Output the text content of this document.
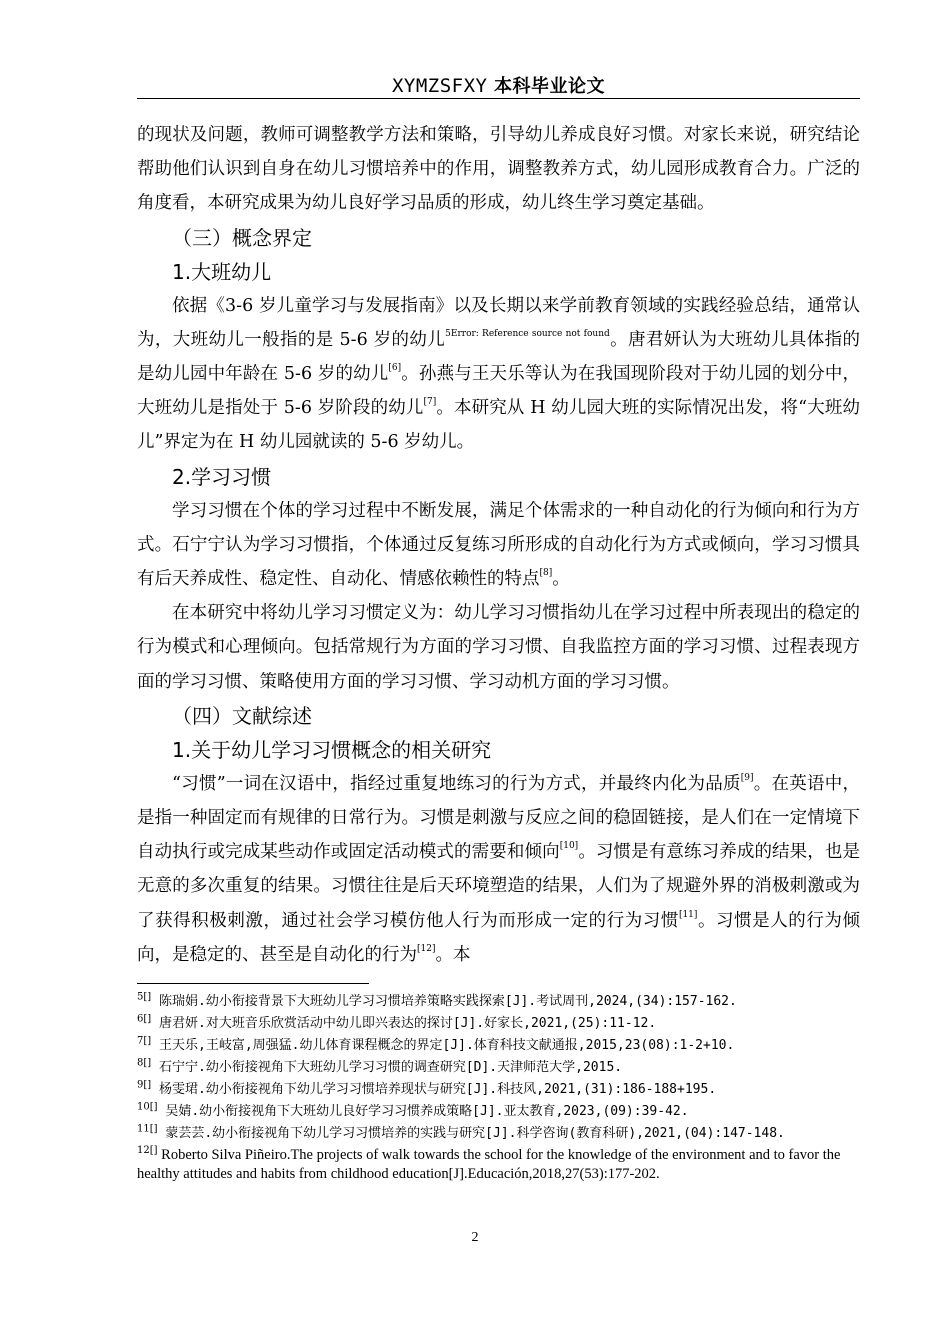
XYMZSFXY 本科毕业论文

的现状及问题，教师可调整教学方法和策略，引导幼儿养成良好习惯。对家长来说，研究结论帮助他们认识到自身在幼儿习惯培养中的作用，调整教养方式，幼儿园形成教育合力。广泛的角度看，本研究成果为幼儿良好学习品质的形成，幼儿终生学习奠定基础。

（三）概念界定
1.大班幼儿

依据《3-6 岁儿童学习与发展指南》以及长期以来学前教育领域的实践经验总结，通常认为，大班幼儿一般指的是 5-6 岁的幼儿$^{5Error: Reference source not found}$。唐君妍认为大班幼儿具体指的是幼儿园中年龄在 5-6 岁的幼儿[6]。孙燕与王天乐等认为在我国现阶段对于幼儿园的划分中，大班幼儿是指处于 5-6 岁阶段的幼儿[7]。本研究从 H 幼儿园大班的实际情况出发，将“大班幼儿”界定为在 H 幼儿园就读的 5-6 岁幼儿。

2.学习习惯

学习习惯在个体的学习过程中不断发展，满足个体需求的一种自动化的行为倾向和行为方式。石宁宁认为学习习惯指，个体通过反复练习所形成的自动化行为方式或倾向，学习习惯具有后天养成性、稳定性、自动化、情感依赖性的特点[8]。

在本研究中将幼儿学习习惯定义为：幼儿学习习惯指幼儿在学习过程中所表现出的稳定的行为模式和心理倾向。包括常规行为方面的学习习惯、自我监控方面的学习习惯、过程表现方面的学习习惯、策略使用方面的学习习惯、学习动机方面的学习习惯。

（四）文献综述
1.关于幼儿学习习惯概念的相关研究

“习惯”一词在汉语中，指经过重复地练习的行为方式，并最终内化为品质[9]。在英语中，是指一种固定而有规律的日常行为。习惯是刺激与反应之间的稳固链接，是人们在一定情境下自动执行或完成某些动作或固定活动模式的需要和倾向[10]。习惯是有意练习养成的结果，也是无意的多次重复的结果。习惯往往是后天环境塑造的结果，人们为了规避外界的消极刺激或为了获得积极刺激，通过社会学习模仿他人行为而形成一定的行为习惯[11]。习惯是人的行为倾向，是稳定的、甚至是自动化的行为[12]。本

$^{5[]}$ 陈瑞娟.幼小衔接背景下大班幼儿学习习惯培养策略实践探索[J].考试周刊,2024,(34):157-162.
$^{6[]}$ 唐君妍.对大班音乐欣赏活动中幼儿即兴表达的探讨[J].好家长,2021,(25):11-12.
$^{7[]}$ 王天乐,王岐富,周强猛.幼儿体育课程概念的界定[J].体育科技文献通报,2015,23(08):1-2+10.
$^{8[]}$ 石宁宁.幼小衔接视角下大班幼儿学习习惯的调查研究[D].天津师范大学,2015.
$^{9[]}$ 杨雯珺.幼小衔接视角下幼儿学习习惯培养现状与研究[J].科技风,2021,(31):186-188+195.
$^{10[]}$ 吴婧.幼小衔接视角下大班幼儿良好学习习惯养成策略[J].亚太教育,2023,(09):39-42.
$^{11[]}$ 蒙芸芸.幼小衔接视角下幼儿学习习惯培养的实践与研究[J].科学咨询(教育科研),2021,(04):147-148.
$^{12[]}$ Roberto Silva Piñeiro.The projects of walk towards the school for the knowledge of the environment and to favor the healthy attitudes and habits from childhood education[J].Educación,2018,27(53):177-202.
2
